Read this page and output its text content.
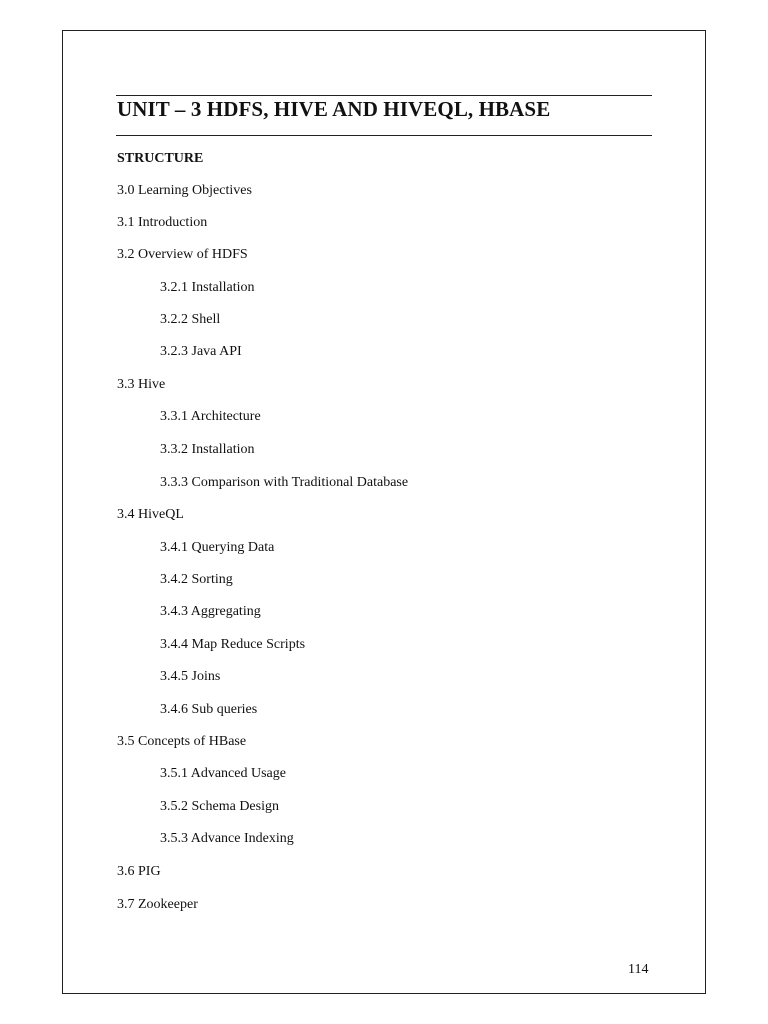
UNIT – 3 HDFS, HIVE AND HIVEQL, HBASE
STRUCTURE
3.0 Learning Objectives
3.1 Introduction
3.2 Overview of HDFS
3.2.1 Installation
3.2.2 Shell
3.2.3 Java API
3.3 Hive
3.3.1 Architecture
3.3.2 Installation
3.3.3 Comparison with Traditional Database
3.4 HiveQL
3.4.1 Querying Data
3.4.2 Sorting
3.4.3 Aggregating
3.4.4 Map Reduce Scripts
3.4.5 Joins
3.4.6 Sub queries
3.5 Concepts of HBase
3.5.1 Advanced Usage
3.5.2 Schema Design
3.5.3 Advance Indexing
3.6 PIG
3.7 Zookeeper
114
